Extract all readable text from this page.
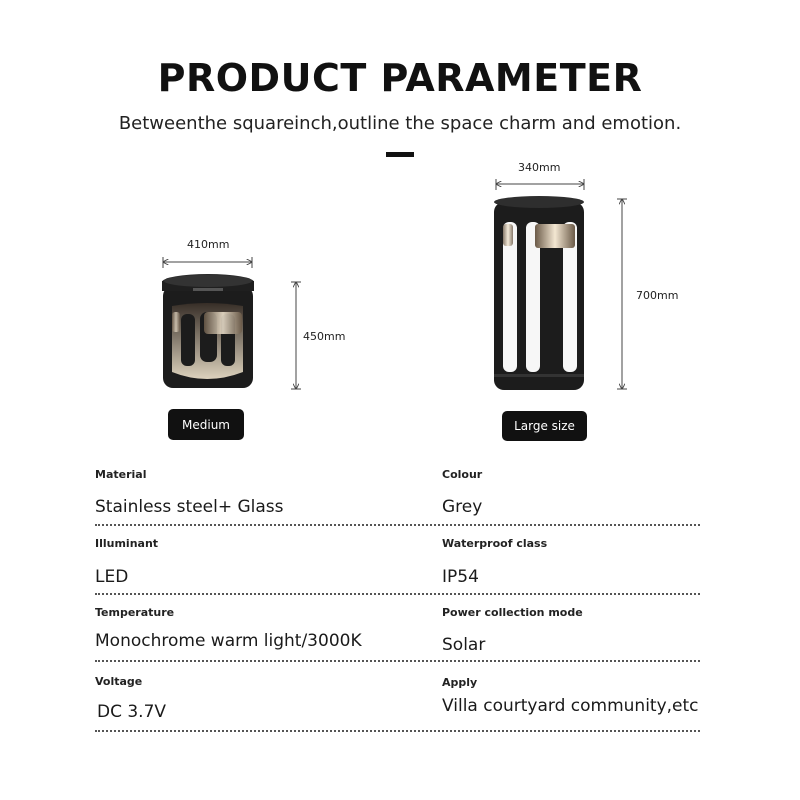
PRODUCT PARAMETER
Betweenthe squareinch,outline the space charm and emotion.
410mm
450mm
340mm
700mm
Medium	Large size
Material
Stainless steel+ Glass
Colour
Grey
Illuminant
LED
Waterproof class
IP54
Temperature
Monochrome warm light/3000K
Power collection mode
Solar
Voltage
DC 3.7V
Apply
Villa courtyard community,etc
